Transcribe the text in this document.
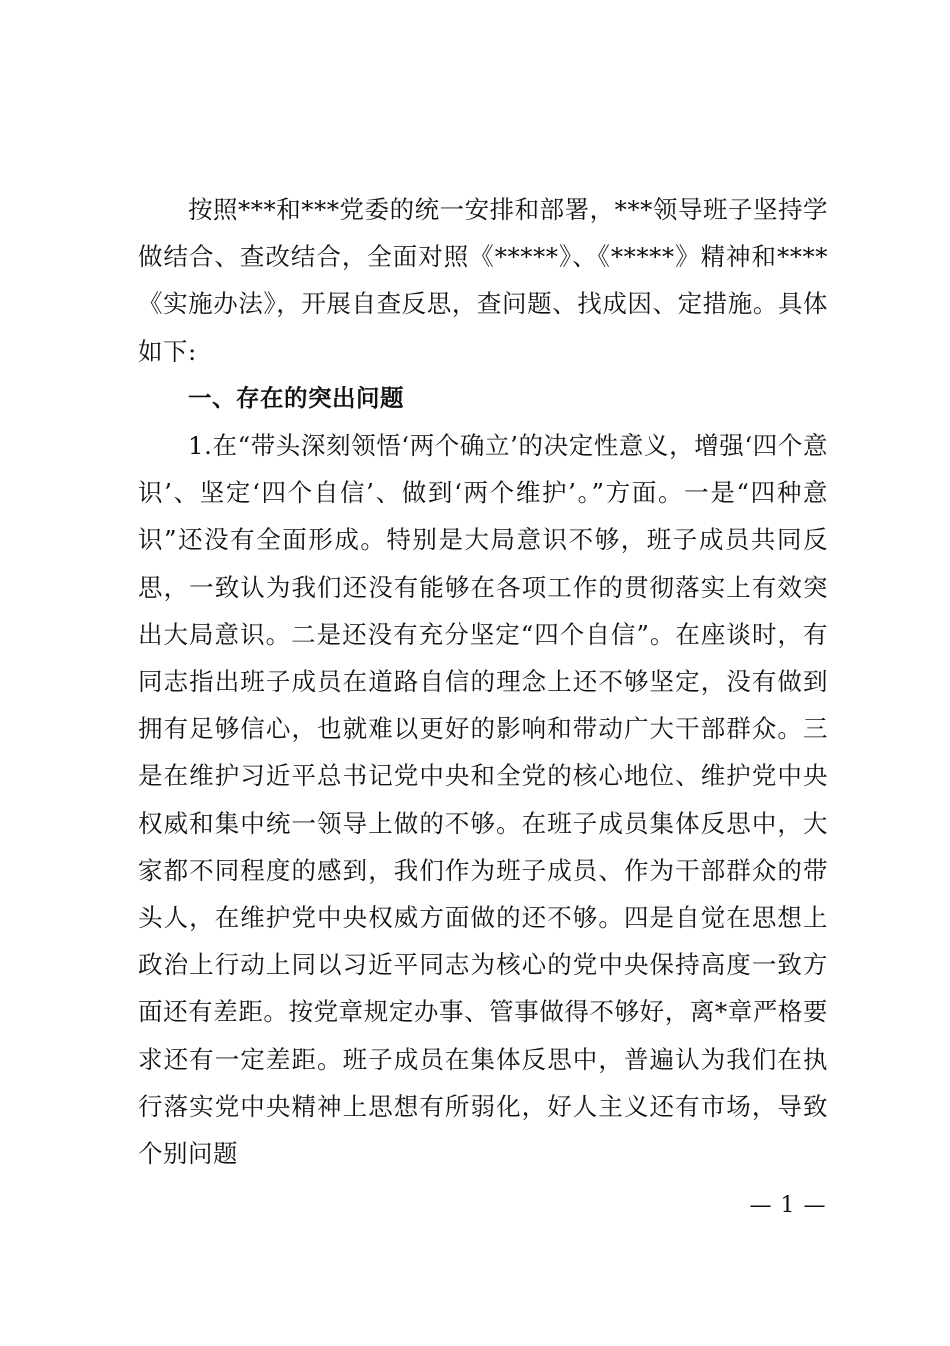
按照***和***党委的统一安排和部署，***领导班子坚持学做结合、查改结合，全面对照《*****》、《*****》精神和****《实施办法》，开展自查反思，查问题、找成因、定措施。具体如下:

一、存在的突出问题

1.在“带头深刻领悟‘两个确立’的决定性意义，增强‘四个意识’、坚定‘四个自信’、做到‘两个维护’。”方面。一是“四种意识”还没有全面形成。特别是大局意识不够，班子成员共同反思，一致认为我们还没有能够在各项工作的贯彻落实上有效突出大局意识。二是还没有充分坚定“四个自信”。在座谈时，有同志指出班子成员在道路自信的理念上还不够坚定，没有做到拥有足够信心，也就难以更好的影响和带动广大干部群众。三是在维护习近平总书记党中央和全党的核心地位、维护党中央权威和集中统一领导上做的不够。在班子成员集体反思中，大家都不同程度的感到，我们作为班子成员、作为干部群众的带头人，在维护党中央权威方面做的还不够。四是自觉在思想上政治上行动上同以习近平同志为核心的党中央保持高度一致方面还有差距。按党章规定办事、管事做得不够好，离*章严格要求还有一定差距。班子成员在集体反思中，普遍认为我们在执行落实党中央精神上思想有所弱化，好人主义还有市场，导致个别问题

— 1 —
